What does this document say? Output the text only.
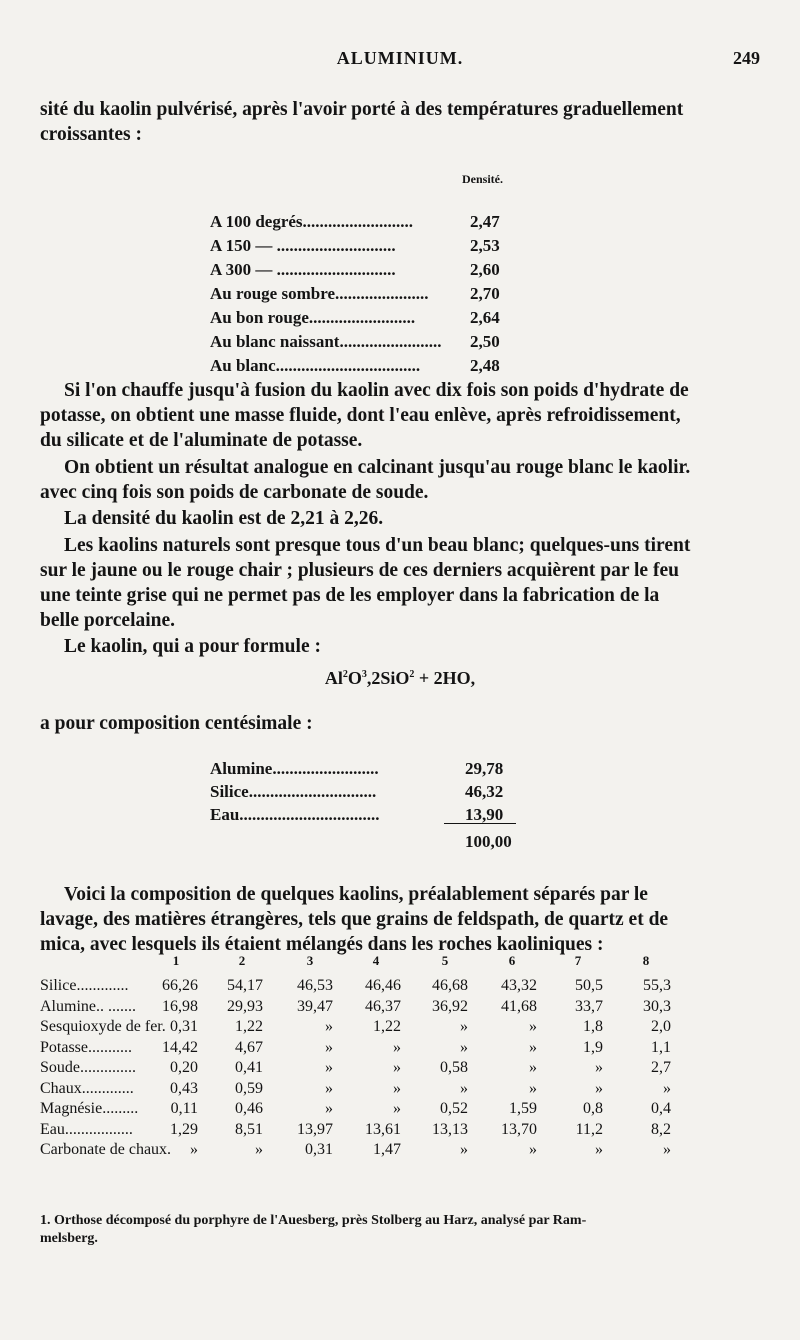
ALUMINIUM.	249
sité du kaolin pulvérisé, après l'avoir porté à des températures graduellement
croissantes :
Densité.
A 100 degrés..........................	2,47
A 150 — ............................	2,53
A 300 — ............................	2,60
Au rouge sombre...................... 2,70
Au bon rouge.........................	2,64
Au blanc naissant........................ 2,50
Au blanc..................................	2,48
Si l'on chauffe jusqu'à fusion du kaolin avec dix fois son poids d'hydrate de
potasse, on obtient une masse fluide, dont l'eau enlève, après refroidissement,
du silicate et de l'aluminate de potasse.
On obtient un résultat analogue en calcinant jusqu'au rouge blanc le kaolir.
avec cinq fois son poids de carbonate de soude.
La densité du kaolin est de 2,21 à 2,26.
Les kaolins naturels sont presque tous d'un beau blanc; quelques-uns tirent
sur le jaune ou le rouge chair ; plusieurs de ces derniers acquièrent par le feu
une teinte grise qui ne permet pas de les employer dans la fabrication de la
belle porcelaine.
Le kaolin, qui a pour formule :
$Al^2O^3,2SiO^2 + 2HO$,
a pour composition centésimale :
Alumine.........................	29,78
Silice..............................	46,32
Eau.................................	13,90
100,00
Voici la composition de quelques kaolins, préalablement séparés par le
lavage, des matières étrangères, tels que grains de feldspath, de quartz et de
mica, avec lesquels ils étaient mélangés dans les roches kaoliniques :
1	2	3	4	5	6	7	8
Silice.............	66,26	54,17	46,53	46,46	46,68	43,32	50,5	55,3
Alumine.. .......	16,98	29,93	39,47	46,37	36,92	41,68	33,7	30,3
Sesquioxyde de fer. 0,31	1,22	»	1,22	»	»	1,8	2,0
Potasse...........	14,42	4,67	»	»	»	»	1,9	1,1
Soude..............	0,20	0,41	»	»	0,58	»	»	2,7
Chaux.............	0,43	0,59	»	»	»	»	»	»
Magnésie.........	0,11	0,46	»	»	0,52	1,59	0,8	0,4
Eau.................	1,29	8,51	13,97	13,61	13,13	13,70	11,2	8,2
Carbonate de chaux.	»	»	0,31	1,47	»	»	»	»
1. Orthose décomposé du porphyre de l'Auesberg, près Stolberg au Harz, analysé par Ram-
melsberg.
